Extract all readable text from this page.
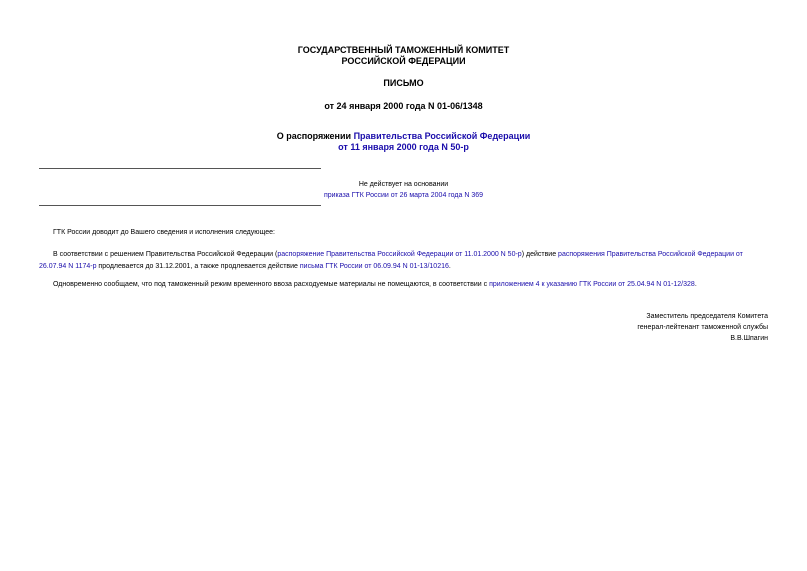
ГОСУДАРСТВЕННЫЙ ТАМОЖЕННЫЙ КОМИТЕТ
РОССИЙСКОЙ ФЕДЕРАЦИИ
ПИСЬМО
от 24 января 2000 года N 01-06/1348
О распоряжении Правительства Российской Федерации
от 11 января 2000 года N 50-р
Не действует на основании
приказа ГТК России от 26 марта 2004 года N 369
ГТК России доводит до Вашего сведения и исполнения следующее:
В соответствии с решением Правительства Российской Федерации (распоряжение Правительства Российской Федерации от 11.01.2000 N 50-р) действие распоряжения Правительства Российской Федерации от 26.07.94 N 1174-р продлевается до 31.12.2001, а также продлевается действие письма ГТК России от 06.09.94 N 01-13/10216.
Одновременно сообщаем, что под таможенный режим временного ввоза расходуемые материалы не помещаются, в соответствии с приложением 4 к указанию ГТК России от 25.04.94 N 01-12/328.
Заместитель председателя Комитета
генерал-лейтенант таможенной службы
В.В.Шпагин
